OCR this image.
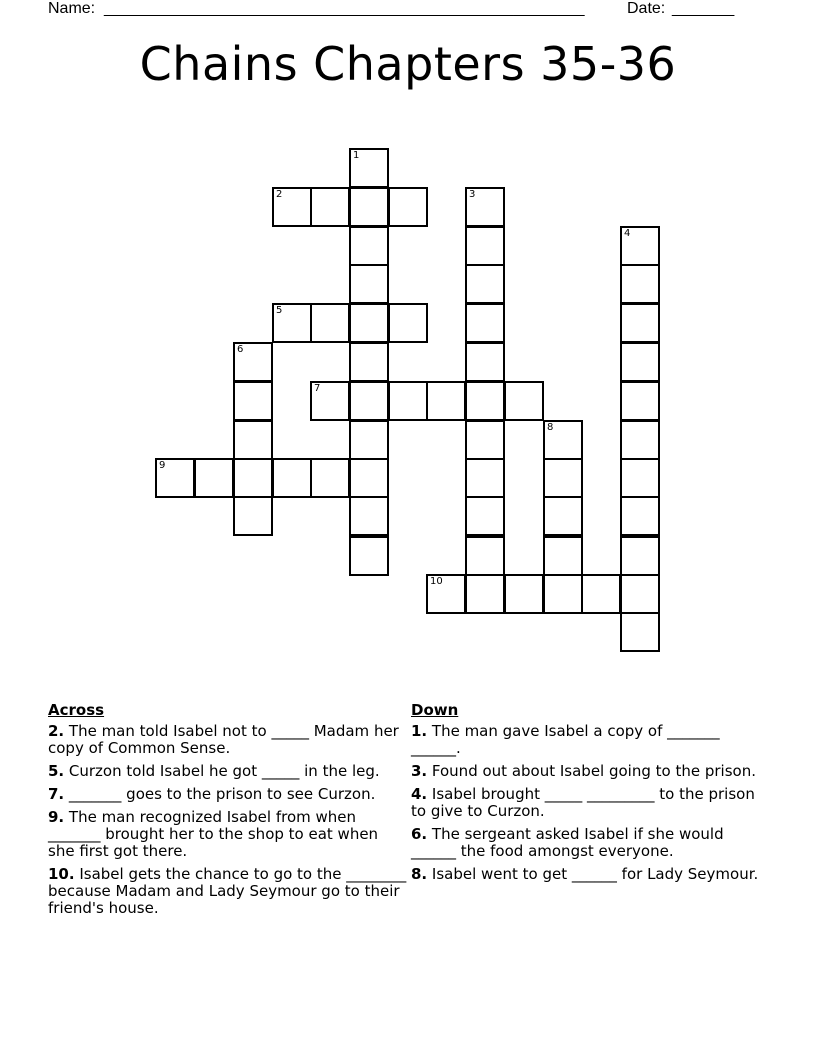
Name: ______________________________________________________	Date: _______
Chains Chapters 35-36
1
2	3
4
5
6
7
8
9
10
Across
2. The man told Isabel not to _____ Madam her copy of Common Sense.
5. Curzon told Isabel he got _____ in the leg.
7. _______ goes to the prison to see Curzon.
9. The man recognized Isabel from when _______ brought her to the shop to eat when she first got there.
10. Isabel gets the chance to go to the ________ because Madam and Lady Seymour go to their friend's house.
Down
1. The man gave Isabel a copy of _______ ______.
3. Found out about Isabel going to the prison.
4. Isabel brought _____ _________ to the prison to give to Curzon.
6. The sergeant asked Isabel if she would ______ the food amongst everyone.
8. Isabel went to get ______ for Lady Seymour.
